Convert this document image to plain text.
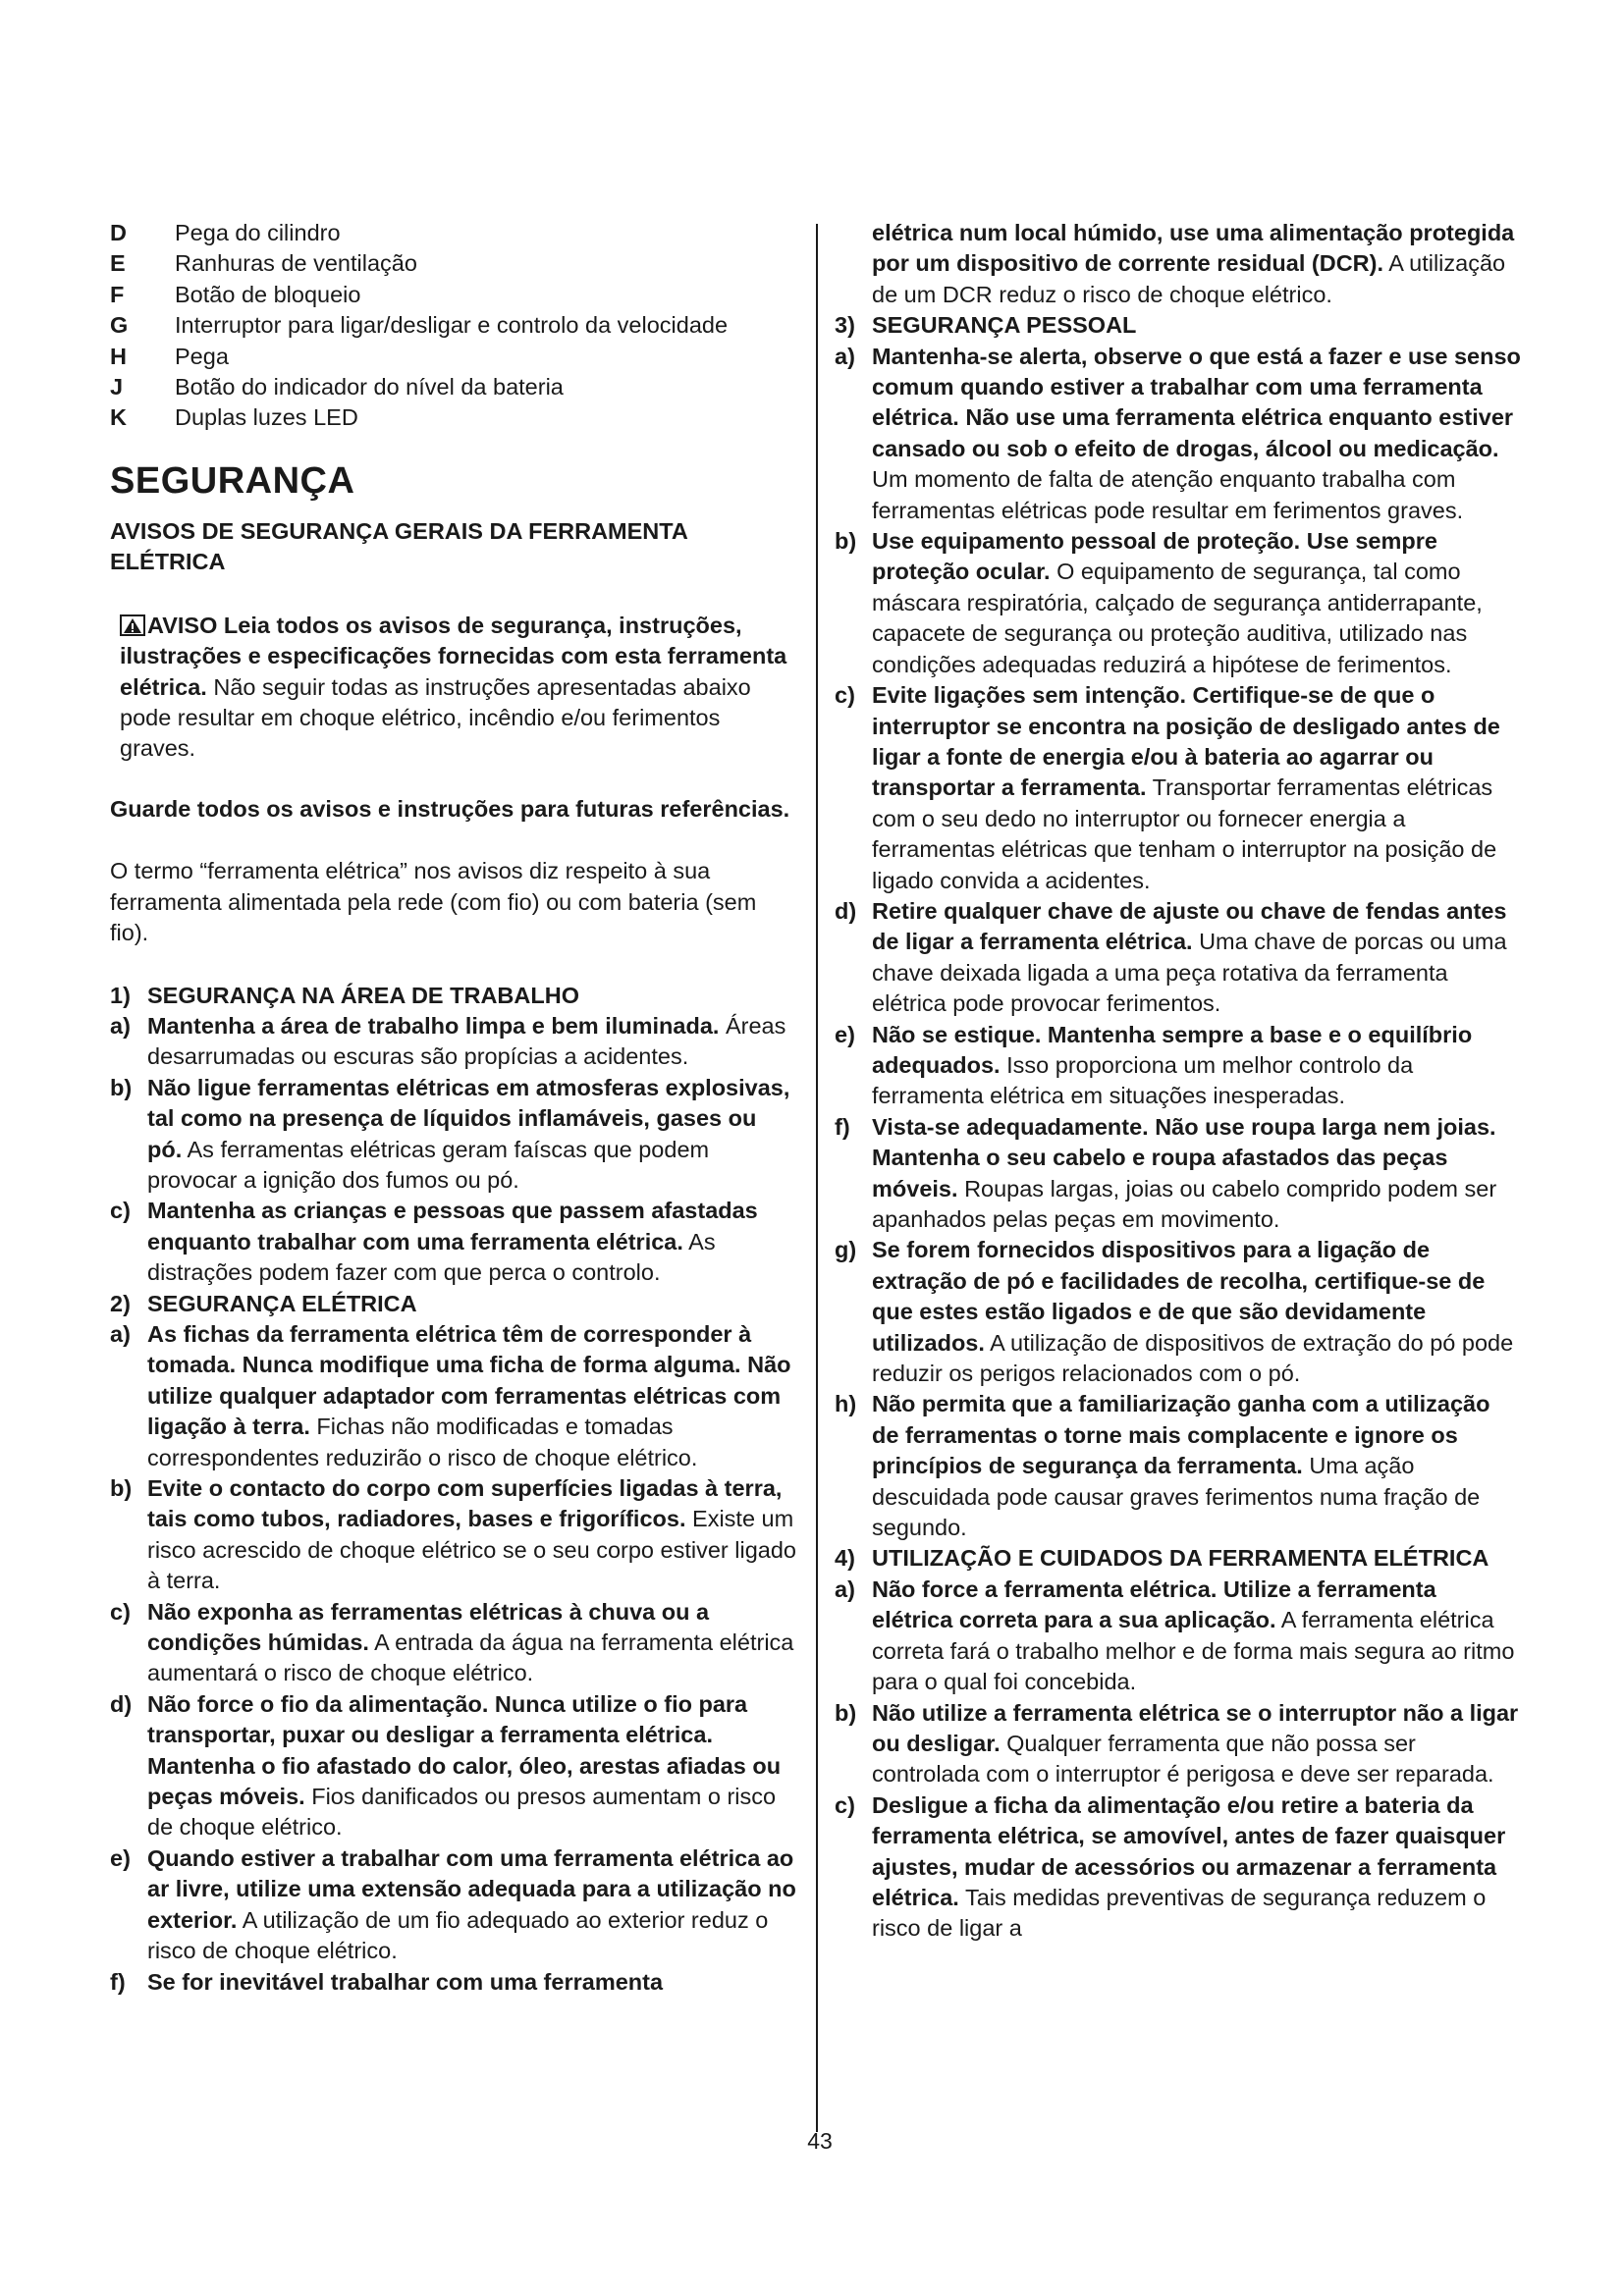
D	Pega do cilindro
E	Ranhuras de ventilação
F	Botão de bloqueio
G	Interruptor para ligar/desligar e controlo da velocidade
H	Pega
J	Botão do indicador do nível da bateria
K	Duplas luzes LED
SEGURANÇA
AVISOS DE SEGURANÇA GERAIS DA FERRAMENTA ELÉTRICA
AVISO Leia todos os avisos de segurança, instruções, ilustrações e especificações fornecidas com esta ferramenta elétrica. Não seguir todas as instruções apresentadas abaixo pode resultar em choque elétrico, incêndio e/ou ferimentos graves.
Guarde todos os avisos e instruções para futuras referências.
O termo “ferramenta elétrica” nos avisos diz respeito à sua ferramenta alimentada pela rede (com fio) ou com bateria (sem fio).
1) SEGURANÇA NA ÁREA DE TRABALHO
a) Mantenha a área de trabalho limpa e bem iluminada. Áreas desarrumadas ou escuras são propícias a acidentes.
b) Não ligue ferramentas elétricas em atmosferas explosivas, tal como na presença de líquidos inflamáveis, gases ou pó. As ferramentas elétricas geram faíscas que podem provocar a ignição dos fumos ou pó.
c) Mantenha as crianças e pessoas que passem afastadas enquanto trabalhar com uma ferramenta elétrica. As distrações podem fazer com que perca o controlo.
2) SEGURANÇA ELÉTRICA
a) As fichas da ferramenta elétrica têm de corresponder à tomada. Nunca modifique uma ficha de forma alguma. Não utilize qualquer adaptador com ferramentas elétricas com ligação à terra. Fichas não modificadas e tomadas correspondentes reduzirão o risco de choque elétrico.
b) Evite o contacto do corpo com superfícies ligadas à terra, tais como tubos, radiadores, bases e frigoríficos. Existe um risco acrescido de choque elétrico se o seu corpo estiver ligado à terra.
c) Não exponha as ferramentas elétricas à chuva ou a condições húmidas. A entrada da água na ferramenta elétrica aumentará o risco de choque elétrico.
d) Não force o fio da alimentação. Nunca utilize o fio para transportar, puxar ou desligar a ferramenta elétrica. Mantenha o fio afastado do calor, óleo, arestas afiadas ou peças móveis. Fios danificados ou presos aumentam o risco de choque elétrico.
e) Quando estiver a trabalhar com uma ferramenta elétrica ao ar livre, utilize uma extensão adequada para a utilização no exterior. A utilização de um fio adequado ao exterior reduz o risco de choque elétrico.
f) Se for inevitável trabalhar com uma ferramenta
elétrica num local húmido, use uma alimentação protegida por um dispositivo de corrente residual (DCR). A utilização de um DCR reduz o risco de choque elétrico.
3) SEGURANÇA PESSOAL
a) Mantenha-se alerta, observe o que está a fazer e use senso comum quando estiver a trabalhar com uma ferramenta elétrica. Não use uma ferramenta elétrica enquanto estiver cansado ou sob o efeito de drogas, álcool ou medicação. Um momento de falta de atenção enquanto trabalha com ferramentas elétricas pode resultar em ferimentos graves.
b) Use equipamento pessoal de proteção. Use sempre proteção ocular. O equipamento de segurança, tal como máscara respiratória, calçado de segurança antiderrapante, capacete de segurança ou proteção auditiva, utilizado nas condições adequadas reduzirá a hipótese de ferimentos.
c) Evite ligações sem intenção. Certifique-se de que o interruptor se encontra na posição de desligado antes de ligar a fonte de energia e/ou à bateria ao agarrar ou transportar a ferramenta. Transportar ferramentas elétricas com o seu dedo no interruptor ou fornecer energia a ferramentas elétricas que tenham o interruptor na posição de ligado convida a acidentes.
d) Retire qualquer chave de ajuste ou chave de fendas antes de ligar a ferramenta elétrica. Uma chave de porcas ou uma chave deixada ligada a uma peça rotativa da ferramenta elétrica pode provocar ferimentos.
e) Não se estique. Mantenha sempre a base e o equilíbrio adequados. Isso proporciona um melhor controlo da ferramenta elétrica em situações inesperadas.
f) Vista-se adequadamente. Não use roupa larga nem joias. Mantenha o seu cabelo e roupa afastados das peças móveis. Roupas largas, joias ou cabelo comprido podem ser apanhados pelas peças em movimento.
g) Se forem fornecidos dispositivos para a ligação de extração de pó e facilidades de recolha, certifique-se de que estes estão ligados e de que são devidamente utilizados. A utilização de dispositivos de extração do pó pode reduzir os perigos relacionados com o pó.
h) Não permita que a familiarização ganha com a utilização de ferramentas o torne mais complacente e ignore os princípios de segurança da ferramenta. Uma ação descuidada pode causar graves ferimentos numa fração de segundo.
4) UTILIZAÇÃO E CUIDADOS DA FERRAMENTA ELÉTRICA
a) Não force a ferramenta elétrica. Utilize a ferramenta elétrica correta para a sua aplicação. A ferramenta elétrica correta fará o trabalho melhor e de forma mais segura ao ritmo para o qual foi concebida.
b) Não utilize a ferramenta elétrica se o interruptor não a ligar ou desligar. Qualquer ferramenta que não possa ser controlada com o interruptor é perigosa e deve ser reparada.
c) Desligue a ficha da alimentação e/ou retire a bateria da ferramenta elétrica, se amovível, antes de fazer quaisquer ajustes, mudar de acessórios ou armazenar a ferramenta elétrica. Tais medidas preventivas de segurança reduzem o risco de ligar a
43
